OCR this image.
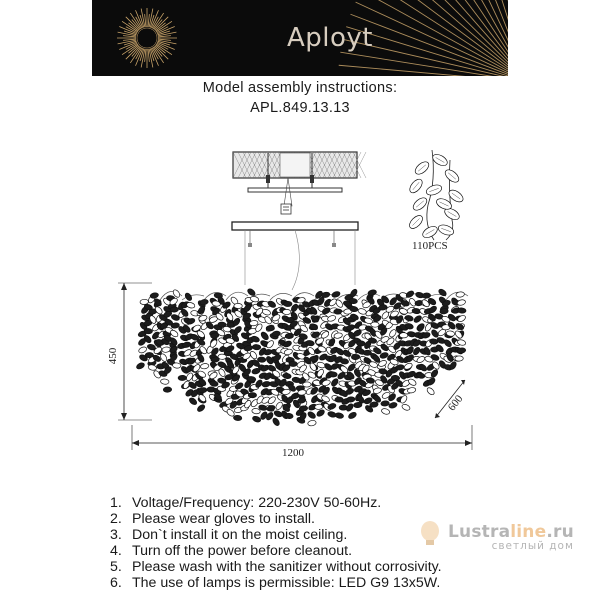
Aployt
Model assembly instructions:
APL.849.13.13
110PCS
450
600
1200
1. Voltage/Frequency: 220-230V 50-60Hz.
2. Please wear gloves to install.
3. Don`t install it on the moist ceiling.
4. Turn off the power before cleanout.
5. Please wash with the sanitizer without corrosivity.
6. The use of lamps is permissible: LED G9 13x5W.
Lustraline.ru
светлый дом
